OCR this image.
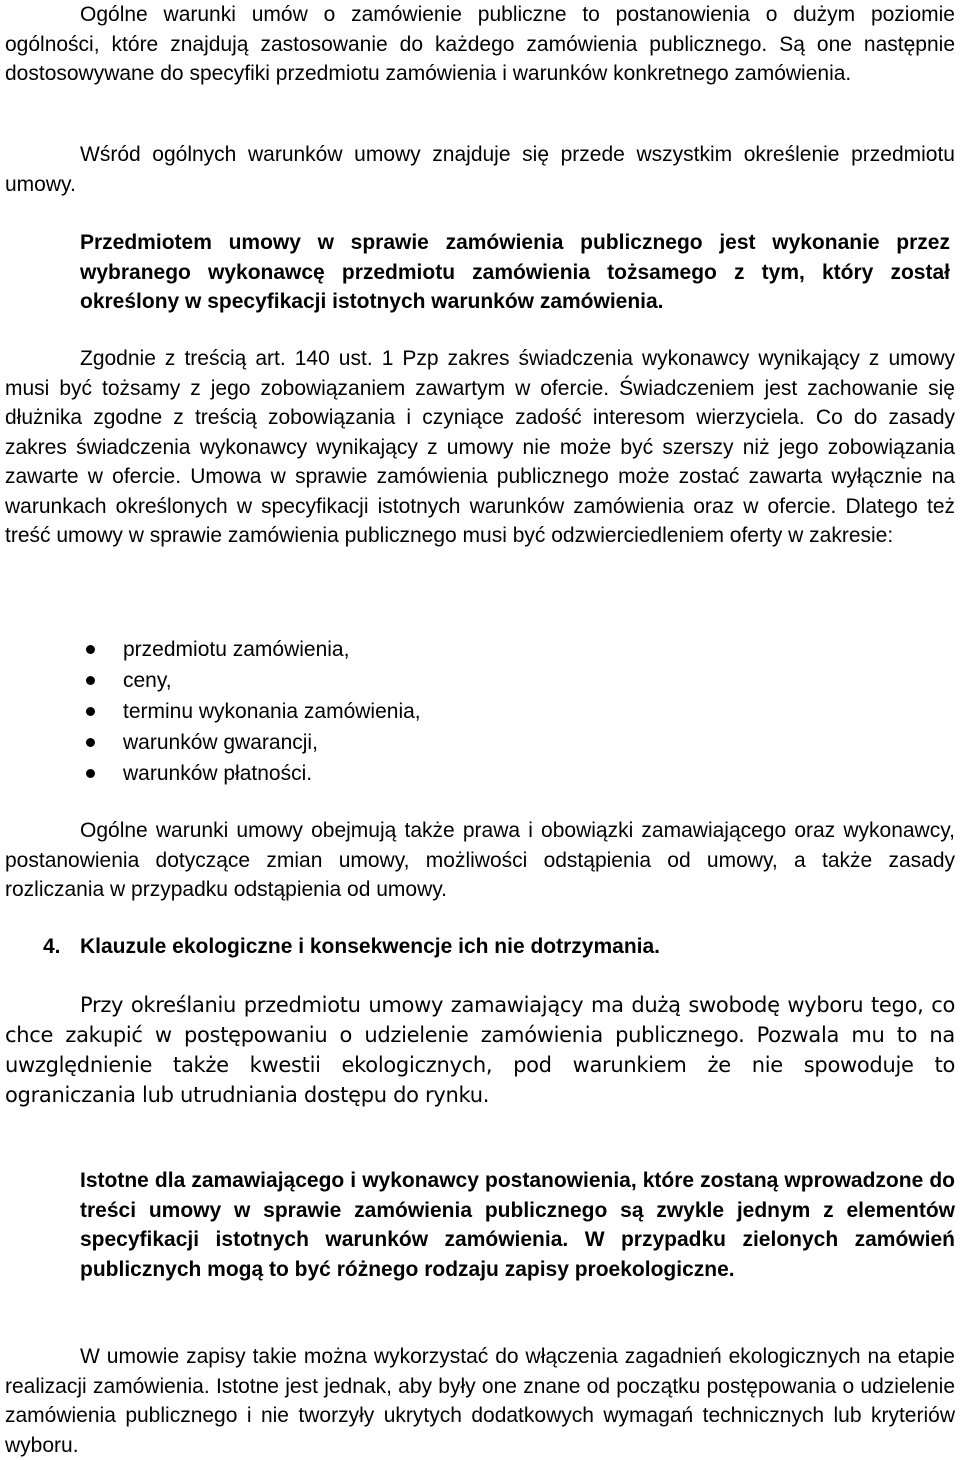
Ogólne warunki umów o zamówienie publiczne to postanowienia o dużym poziomie ogólności, które znajdują zastosowanie do każdego zamówienia publicznego. Są one następnie dostosowywane do specyfiki przedmiotu zamówienia i warunków konkretnego zamówienia.

Wśród ogólnych warunków umowy znajduje się przede wszystkim określenie przedmiotu umowy.

Przedmiotem umowy w sprawie zamówienia publicznego jest wykonanie przez wybranego wykonawcę przedmiotu zamówienia tożsamego z tym, który został określony w specyfikacji istotnych warunków zamówienia.

Zgodnie z treścią art. 140 ust. 1 Pzp zakres świadczenia wykonawcy wynikający z umowy musi być tożsamy z jego zobowiązaniem zawartym w ofercie. Świadczeniem jest zachowanie się dłużnika zgodne z treścią zobowiązania i czyniące zadość interesom wierzyciela. Co do zasady zakres świadczenia wykonawcy wynikający z umowy nie może być szerszy niż jego zobowiązania zawarte w ofercie. Umowa w sprawie zamówienia publicznego może zostać zawarta wyłącznie na warunkach określonych w specyfikacji istotnych warunków zamówienia oraz w ofercie. Dlatego też treść umowy w sprawie zamówienia publicznego musi być odzwierciedleniem oferty w zakresie:

przedmiotu zamówienia,
ceny,
terminu wykonania zamówienia,
warunków gwarancji,
warunków płatności.

Ogólne warunki umowy obejmują także prawa i obowiązki zamawiającego oraz wykonawcy, postanowienia dotyczące zmian umowy, możliwości odstąpienia od umowy, a także zasady rozliczania w przypadku odstąpienia od umowy.

4. Klauzule ekologiczne i konsekwencje ich nie dotrzymania.

Przy określaniu przedmiotu umowy zamawiający ma dużą swobodę wyboru tego, co chce zakupić w postępowaniu o udzielenie zamówienia publicznego. Pozwala mu to na uwzględnienie także kwestii ekologicznych, pod warunkiem że nie spowoduje to ograniczania lub utrudniania dostępu do rynku.

Istotne dla zamawiającego i wykonawcy postanowienia, które zostaną wprowadzone do treści umowy w sprawie zamówienia publicznego są zwykle jednym z elementów specyfikacji istotnych warunków zamówienia. W przypadku zielonych zamówień publicznych mogą to być różnego rodzaju zapisy proekologiczne.

W umowie zapisy takie można wykorzystać do włączenia zagadnień ekologicznych na etapie realizacji zamówienia. Istotne jest jednak, aby były one znane od początku postępowania o udzielenie zamówienia publicznego i nie tworzyły ukrytych dodatkowych wymagań technicznych lub kryteriów wyboru.
